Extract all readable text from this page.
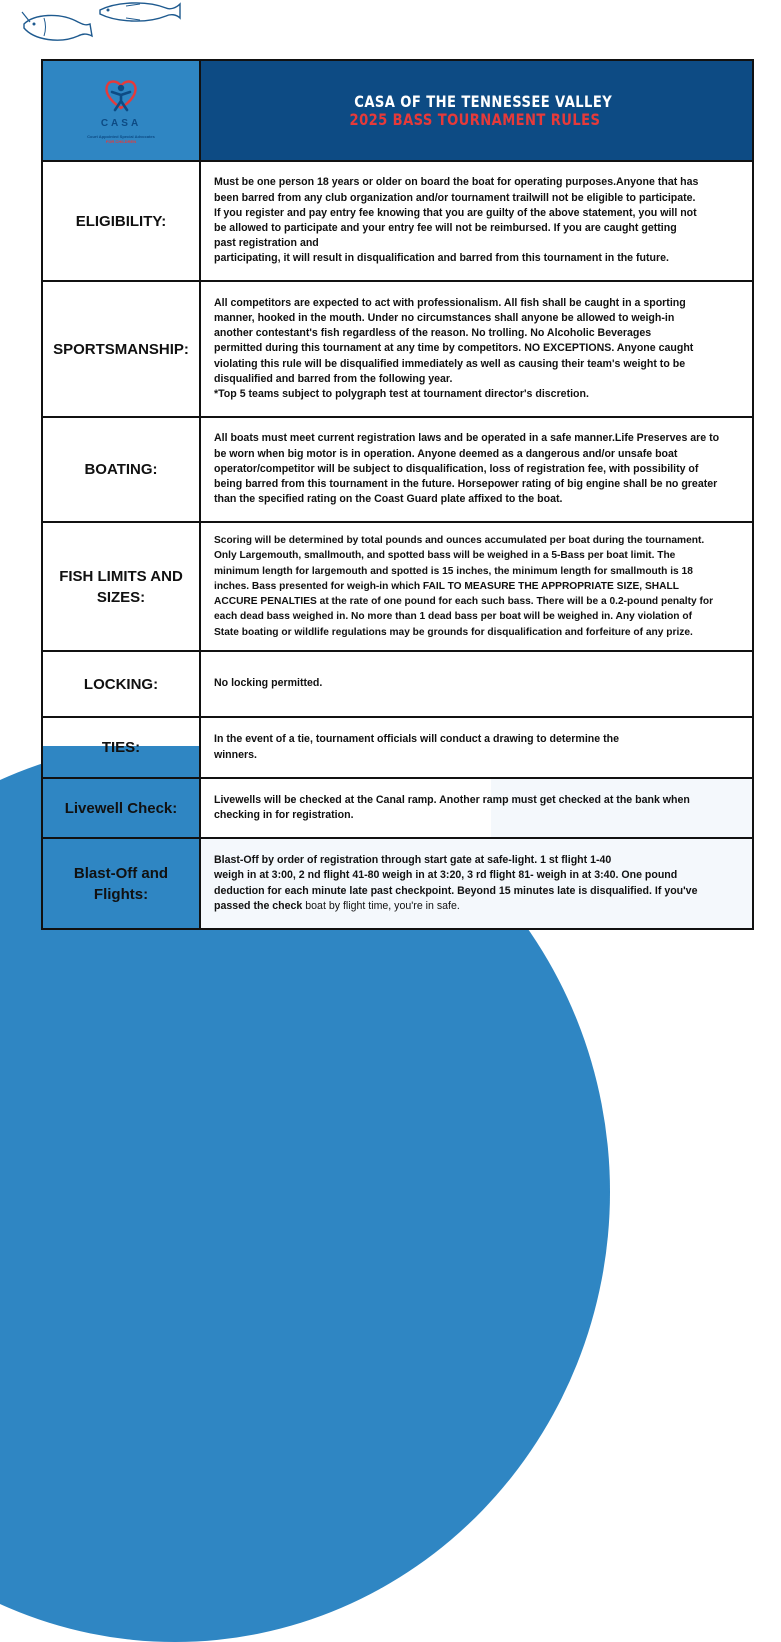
CASA
Court Appointed Special Advocates
FOR CHILDREN
CASA OF THE TENNESSEE VALLEY
2025 BASS TOURNAMENT RULES
ELIGIBILITY:

Must be one person 18 years or older on board the boat for operating purposes.Anyone that has
been barred from any club organization and/or tournament trailwill not be eligible to participate.
If you register and pay entry fee knowing that you are guilty of the above statement, you will not
be allowed to participate and your entry fee will not be reimbursed. If you are caught getting
past registration and
participating, it will result in disqualification and barred from this tournament in the future.

SPORTSMANSHIP:

All competitors are expected to act with professionalism. All fish shall be caught in a sporting
manner, hooked in the mouth. Under no circumstances shall anyone be allowed to weigh-in
another contestant's fish regardless of the reason. No trolling. No Alcoholic Beverages
permitted during this tournament at any time by competitors. NO EXCEPTIONS. Anyone caught
violating this rule will be disqualified immediately as well as causing their team's weight to be
disqualified and barred from the following year.
*Top 5 teams subject to polygraph test at tournament director's discretion.

BOATING:

All boats must meet current registration laws and be operated in a safe manner.Life Preserves are to
be worn when big motor is in operation. Anyone deemed as a dangerous and/or unsafe boat
operator/competitor will be subject to disqualification, loss of registration fee, with possibility of
being barred from this tournament in the future. Horsepower rating of big engine shall be no greater
than the specified rating on the Coast Guard plate affixed to the boat.

FISH LIMITS AND SIZES:

Scoring will be determined by total pounds and ounces accumulated per boat during the tournament.
Only Largemouth, smallmouth, and spotted bass will be weighed in a 5-Bass per boat limit. The
minimum length for largemouth and spotted is 15 inches, the minimum length for smallmouth is 18
inches. Bass presented for weigh-in which FAIL TO MEASURE THE APPROPRIATE SIZE, SHALL
ACCURE PENALTIES at the rate of one pound for each such bass. There will be a 0.2-pound penalty for
each dead bass weighed in. No more than 1 dead bass per boat will be weighed in. Any violation of
State boating or wildlife regulations may be grounds for disqualification and forfeiture of any prize.

LOCKING:	No locking permitted.

TIES:	In the event of a tie, tournament officials will conduct a drawing to determine the
winners.

Livewell Check:	Livewells will be checked at the Canal ramp. Another ramp must get checked at the bank when
checking in for registration.

Blast-Off and Flights:

Blast-Off by order of registration through start gate at safe-light. 1 st flight 1-40
weigh in at 3:00, 2 nd flight 41-80 weigh in at 3:20, 3 rd flight 81- weigh in at 3:40. One pound
deduction for each minute late past checkpoint. Beyond 15 minutes late is disqualified. If you've
passed the check boat by flight time, you're in safe.
